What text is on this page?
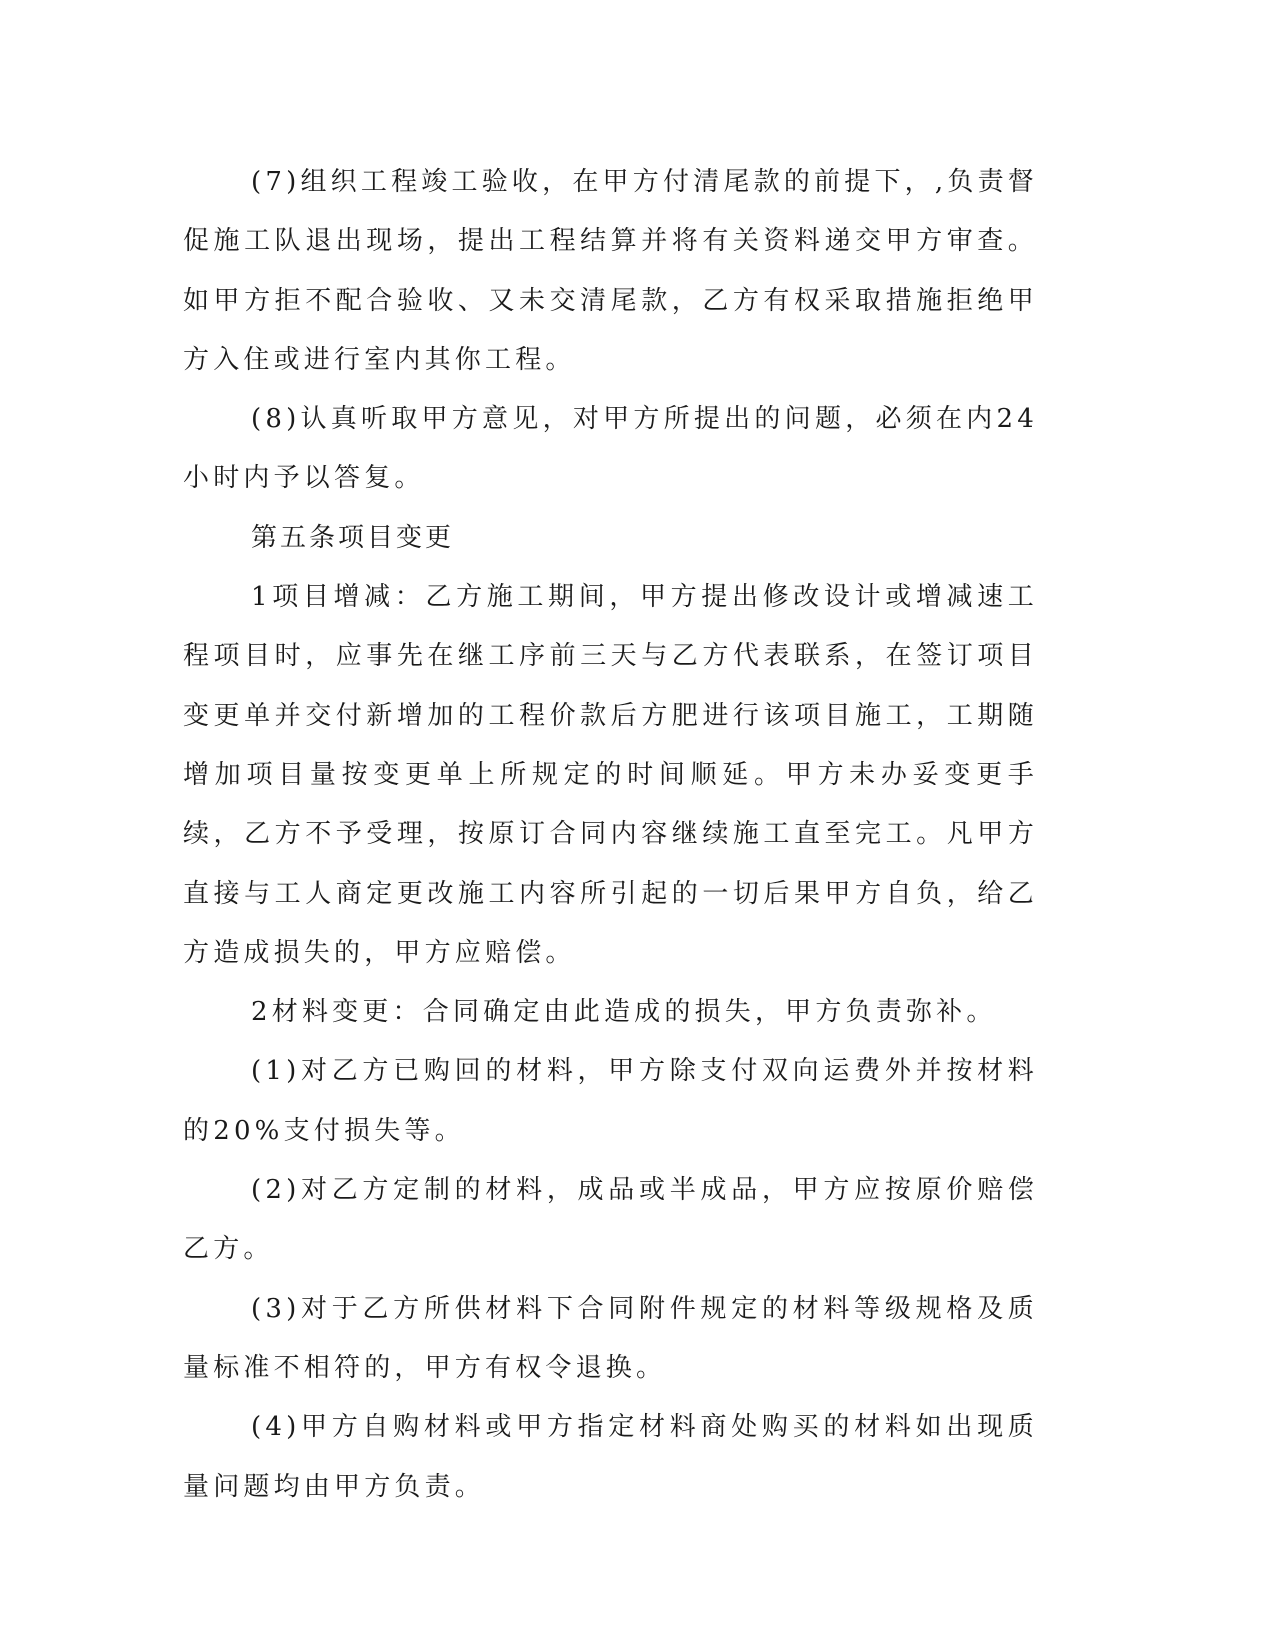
(7)组织工程竣工验收，在甲方付清尾款的前提下，,负责督促施工队退出现场，提出工程结算并将有关资料递交甲方审查。如甲方拒不配合验收、又未交清尾款，乙方有权采取措施拒绝甲方入住或进行室内其你工程。

(8)认真听取甲方意见，对甲方所提出的问题，必须在内24小时内予以答复。

第五条项目变更

1项目增减：乙方施工期间，甲方提出修改设计或增减速工程项目时，应事先在继工序前三天与乙方代表联系，在签订项目变更单并交付新增加的工程价款后方肥进行该项目施工，工期随增加项目量按变更单上所规定的时间顺延。甲方未办妥变更手续，乙方不予受理，按原订合同内容继续施工直至完工。凡甲方直接与工人商定更改施工内容所引起的一切后果甲方自负，给乙方造成损失的，甲方应赔偿。

2材料变更：合同确定由此造成的损失，甲方负责弥补。

(1)对乙方已购回的材料，甲方除支付双向运费外并按材料的20%支付损失等。

(2)对乙方定制的材料，成品或半成品，甲方应按原价赔偿乙方。

(3)对于乙方所供材料下合同附件规定的材料等级规格及质量标准不相符的，甲方有权令退换。

(4)甲方自购材料或甲方指定材料商处购买的材料如出现质量问题均由甲方负责。
